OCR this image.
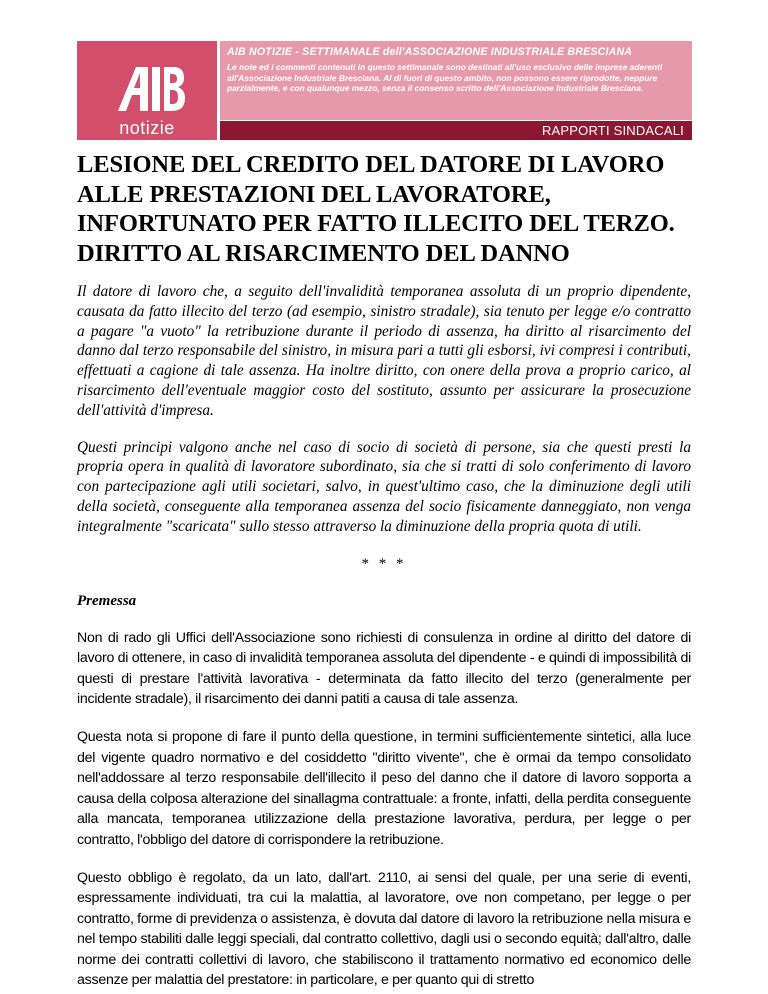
notizie
AIB NOTIZIE - SETTIMANALE dell'ASSOCIAZIONE INDUSTRIALE BRESCIANA
Le note ed i commenti contenuti in questo settimanale sono destinati all'uso esclusivo delle imprese aderenti all'Associazione Industriale Bresciana. Al di fuori di questo ambito, non possono essere riprodotte, neppure parzialmente, e con qualunque mezzo, senza il consenso scritto dell'Associazione Industriale Bresciana.
RAPPORTI SINDACALI
LESIONE DEL CREDITO DEL DATORE DI LAVORO ALLE PRESTAZIONI DEL LAVORATORE, INFORTUNATO PER FATTO ILLECITO DEL TERZO. DIRITTO AL RISARCIMENTO DEL DANNO

Il datore di lavoro che, a seguito dell'invalidità temporanea assoluta di un proprio dipendente, causata da fatto illecito del terzo (ad esempio, sinistro stradale), sia tenuto per legge e/o contratto a pagare "a vuoto" la retribuzione durante il periodo di assenza, ha diritto al risarcimento del danno dal terzo responsabile del sinistro, in misura pari a tutti gli esborsi, ivi compresi i contributi, effettuati a cagione di tale assenza. Ha inoltre diritto, con onere della prova a proprio carico, al risarcimento dell'eventuale maggior costo del sostituto, assunto per assicurare la prosecuzione dell'attività d'impresa.

Questi principi valgono anche nel caso di socio di società di persone, sia che questi presti la propria opera in qualità di lavoratore subordinato, sia che si tratti di solo conferimento di lavoro con partecipazione agli utili societari, salvo, in quest'ultimo caso, che la diminuzione degli utili della società, conseguente alla temporanea assenza del socio fisicamente danneggiato, non venga integralmente "scaricata" sullo stesso attraverso la diminuzione della propria quota di utili.

* * *
Premessa

Non di rado gli Uffici dell'Associazione sono richiesti di consulenza in ordine al diritto del datore di lavoro di ottenere, in caso di invalidità temporanea assoluta del dipendente - e quindi di impossibilità di questi di prestare l'attività lavorativa - determinata da fatto illecito del terzo (generalmente per incidente stradale), il risarcimento dei danni patiti a causa di tale assenza.

Questa nota si propone di fare il punto della questione, in termini sufficientemente sintetici, alla luce del vigente quadro normativo e del cosiddetto "diritto vivente", che è ormai da tempo consolidato nell'addossare al terzo responsabile dell'illecito il peso del danno che il datore di lavoro sopporta a causa della colposa alterazione del sinallagma contrattuale: a fronte, infatti, della perdita conseguente alla mancata, temporanea utilizzazione della prestazione lavorativa, perdura, per legge o per contratto, l'obbligo del datore di corrispondere la retribuzione.

Questo obbligo è regolato, da un lato, dall'art. 2110, ai sensi del quale, per una serie di eventi, espressamente individuati, tra cui la malattia, al lavoratore, ove non competano, per legge o per contratto, forme di previdenza o assistenza, è dovuta dal datore di lavoro la retribuzione nella misura e nel tempo stabiliti dalle leggi speciali, dal contratto collettivo, dagli usi o secondo equità; dall'altro, dalle norme dei contratti collettivi di lavoro, che stabiliscono il trattamento normativo ed economico delle assenze per malattia del prestatore: in particolare, e per quanto qui di stretto
